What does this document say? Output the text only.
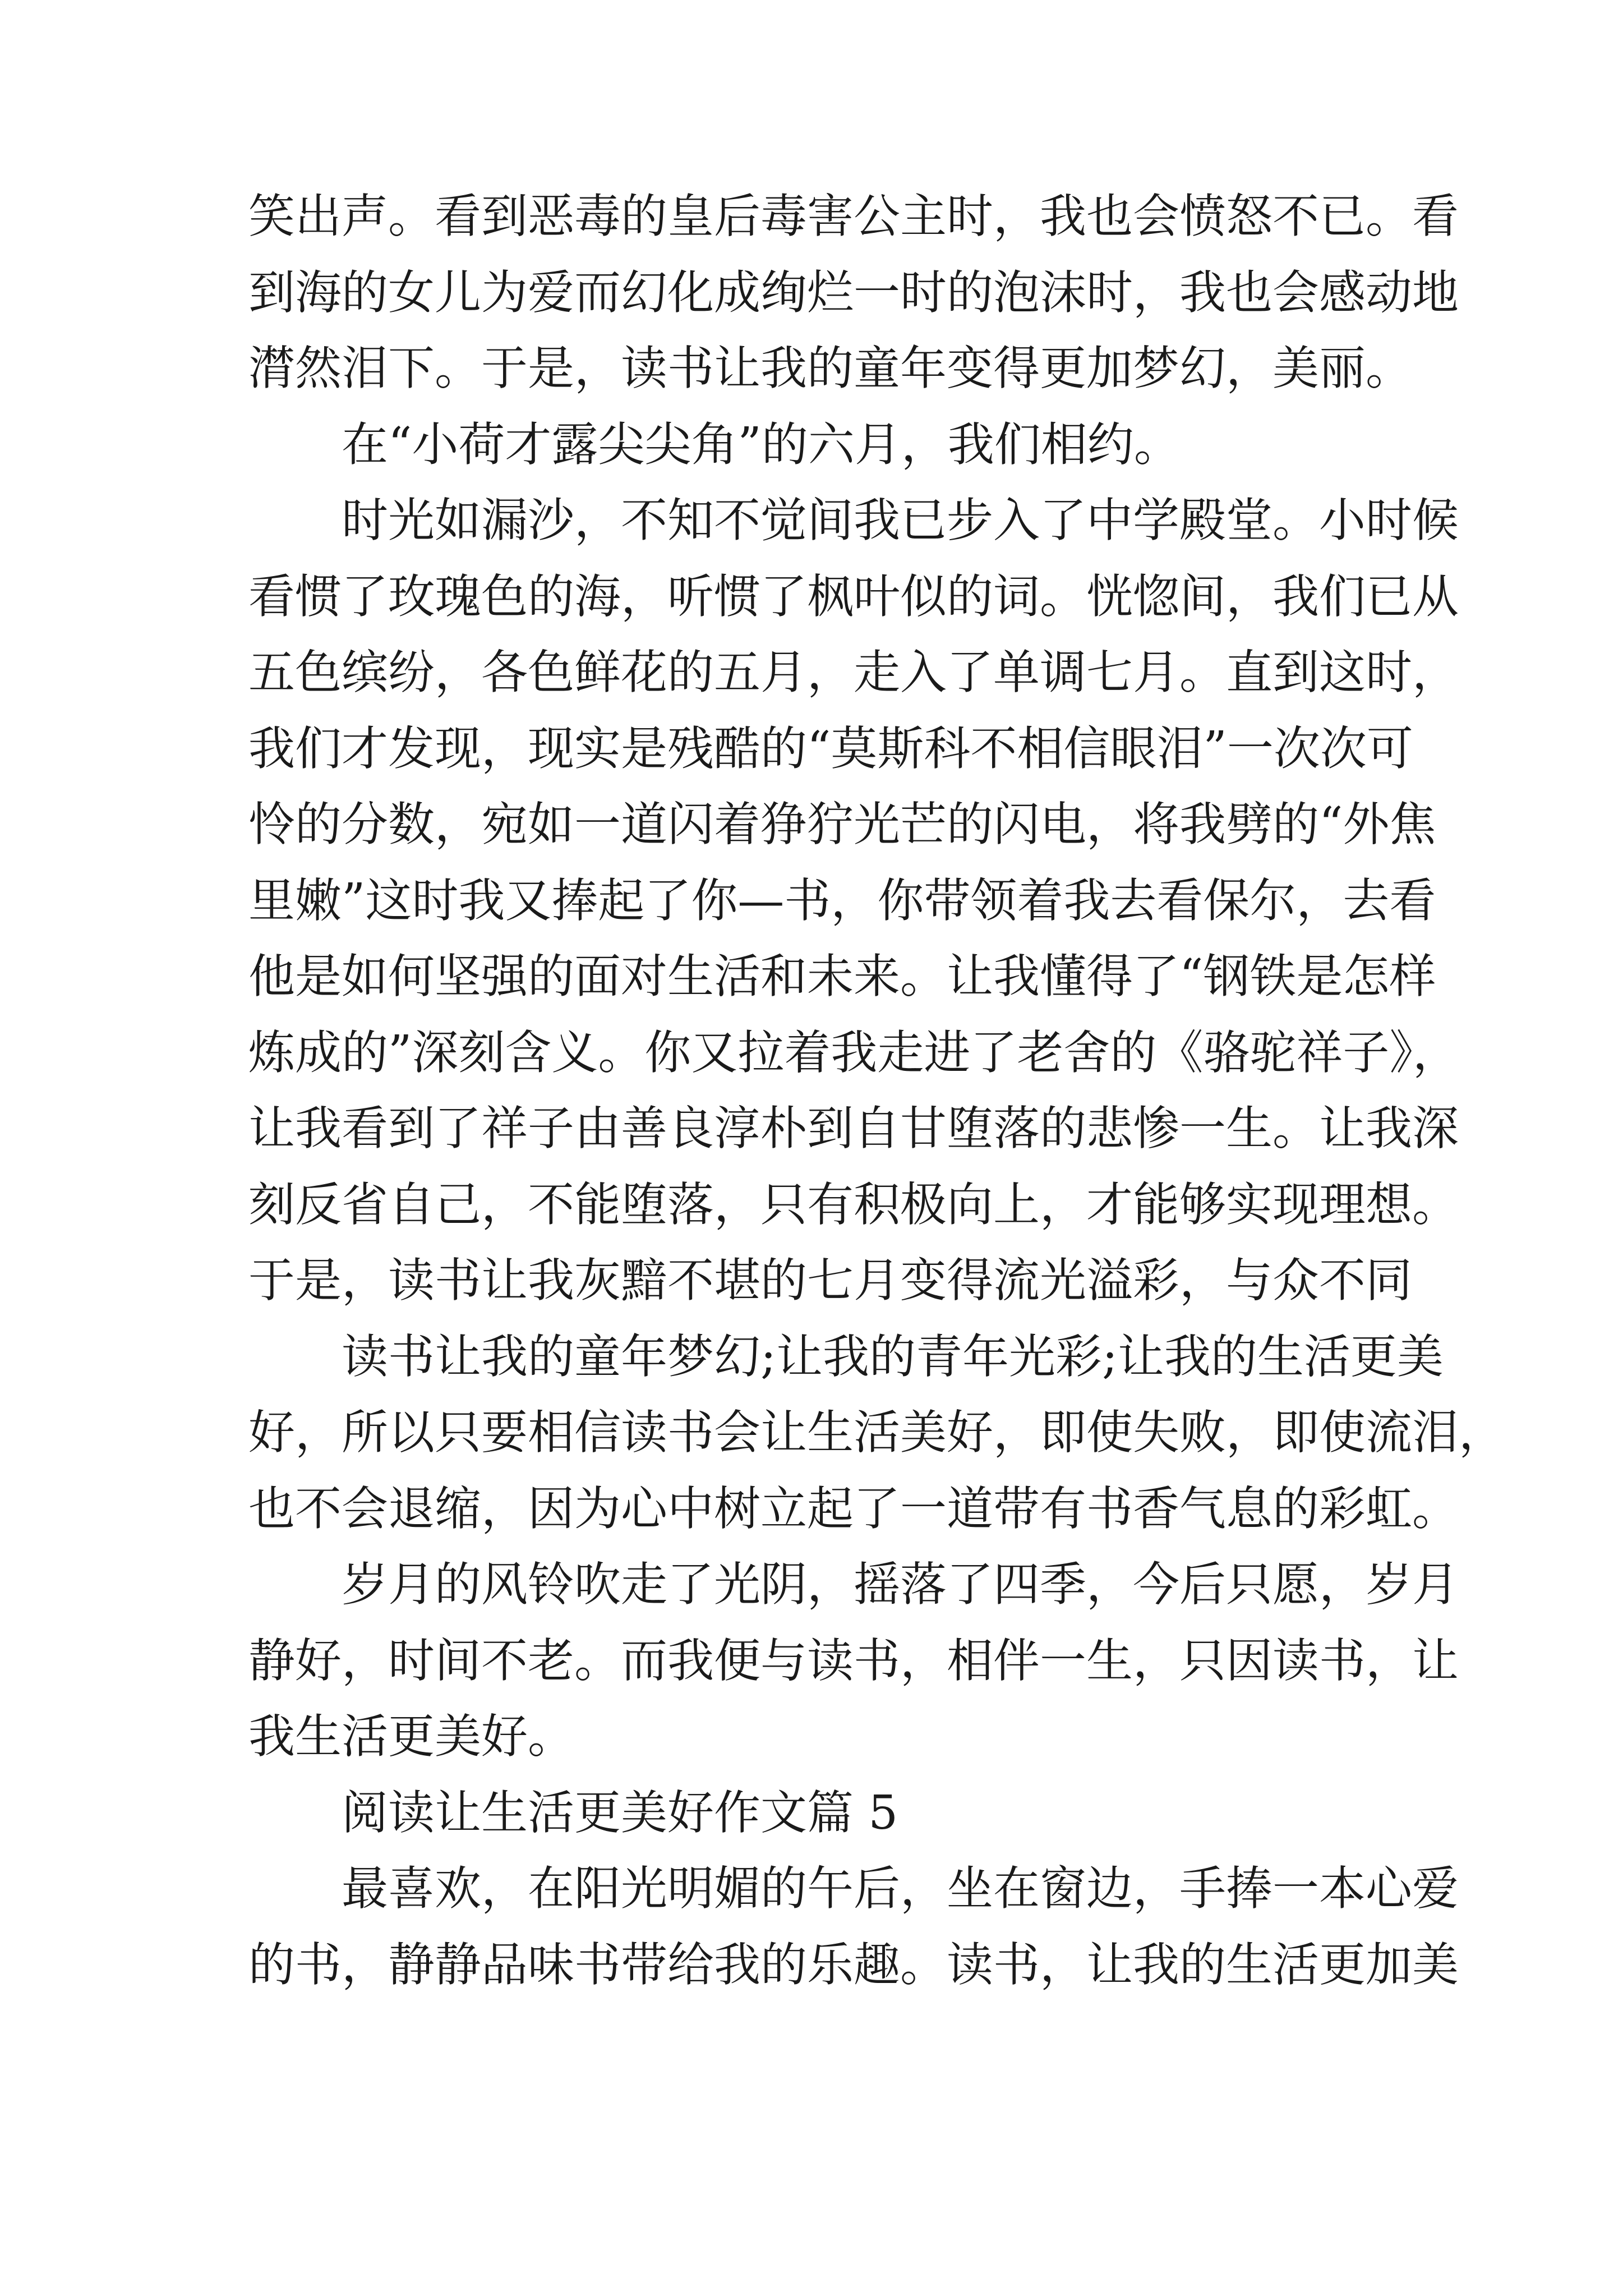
笑出声。看到恶毒的皇后毒害公主时，我也会愤怒不已。看
到海的女儿为爱而幻化成绚烂一时的泡沫时，我也会感动地
潸然泪下。于是，读书让我的童年变得更加梦幻，美丽。
在“小荷才露尖尖角”的六月，我们相约。
时光如漏沙，不知不觉间我已步入了中学殿堂。小时候
看惯了玫瑰色的海，听惯了枫叶似的词。恍惚间，我们已从
五色缤纷，各色鲜花的五月，走入了单调七月。直到这时，
我们才发现，现实是残酷的“莫斯科不相信眼泪”一次次可
怜的分数，宛如一道闪着狰狞光芒的闪电，将我劈的“外焦
里嫩”这时我又捧起了你—书，你带领着我去看保尔，去看
他是如何坚强的面对生活和未来。让我懂得了“钢铁是怎样
炼成的”深刻含义。你又拉着我走进了老舍的《骆驼祥子》，
让我看到了祥子由善良淳朴到自甘堕落的悲惨一生。让我深
刻反省自己，不能堕落，只有积极向上，才能够实现理想。
于是，读书让我灰黯不堪的七月变得流光溢彩，与众不同
读书让我的童年梦幻;让我的青年光彩;让我的生活更美
好，所以只要相信读书会让生活美好，即使失败，即使流泪，
也不会退缩，因为心中树立起了一道带有书香气息的彩虹。
岁月的风铃吹走了光阴，摇落了四季，今后只愿，岁月
静好，时间不老。而我便与读书，相伴一生，只因读书，让
我生活更美好。
阅读让生活更美好作文篇 5
最喜欢，在阳光明媚的午后，坐在窗边，手捧一本心爱
的书，静静品味书带给我的乐趣。读书，让我的生活更加美
